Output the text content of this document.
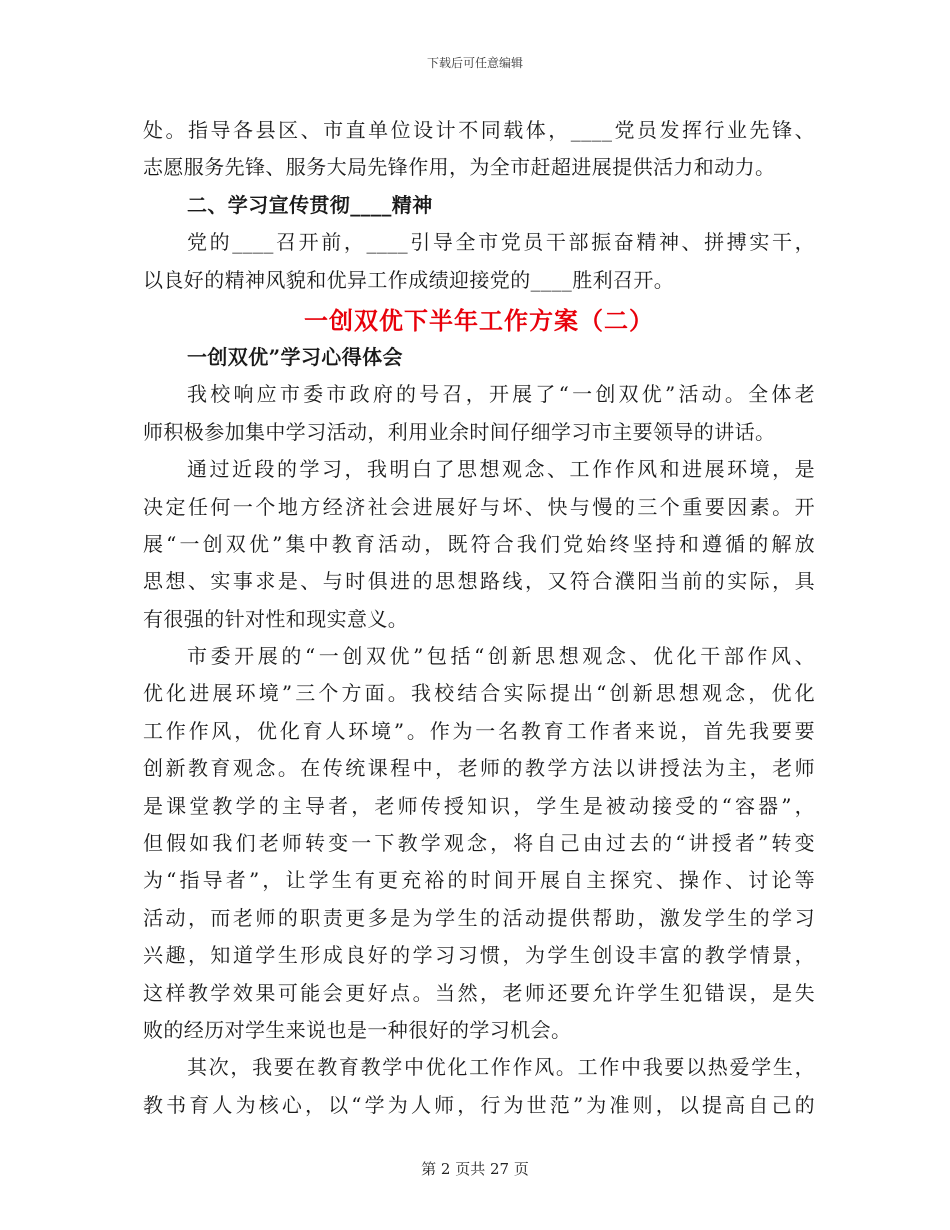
下载后可任意编辑
处。指导各县区、市直单位设计不同载体，____党员发挥行业先锋、
志愿服务先锋、服务大局先锋作用，为全市赶超进展提供活力和动力。
二、学习宣传贯彻____精神
党的____召开前，____引导全市党员干部振奋精神、拼搏实干，
以良好的精神风貌和优异工作成绩迎接党的____胜利召开。
一创双优下半年工作方案（二）
一创双优”学习心得体会
我校响应市委市政府的号召，开展了“一创双优”活动。全体老
师积极参加集中学习活动，利用业余时间仔细学习市主要领导的讲话。
通过近段的学习，我明白了思想观念、工作作风和进展环境，是
决定任何一个地方经济社会进展好与坏、快与慢的三个重要因素。开
展“一创双优”集中教育活动，既符合我们党始终坚持和遵循的解放
思想、实事求是、与时俱进的思想路线，又符合濮阳当前的实际，具
有很强的针对性和现实意义。
市委开展的“一创双优”包括“创新思想观念、优化干部作风、
优化进展环境”三个方面。我校结合实际提出“创新思想观念，优化
工作作风，优化育人环境”。作为一名教育工作者来说，首先我要要
创新教育观念。在传统课程中，老师的教学方法以讲授法为主，老师
是课堂教学的主导者，老师传授知识，学生是被动接受的“容器”，
但假如我们老师转变一下教学观念，将自己由过去的“讲授者”转变
为“指导者”，让学生有更充裕的时间开展自主探究、操作、讨论等
活动，而老师的职责更多是为学生的活动提供帮助，激发学生的学习
兴趣，知道学生形成良好的学习习惯，为学生创设丰富的教学情景，
这样教学效果可能会更好点。当然，老师还要允许学生犯错误，是失
败的经历对学生来说也是一种很好的学习机会。
其次，我要在教育教学中优化工作作风。工作中我要以热爱学生，
教书育人为核心，以“学为人师，行为世范”为准则，以提高自己的
第 2 页共 27 页
